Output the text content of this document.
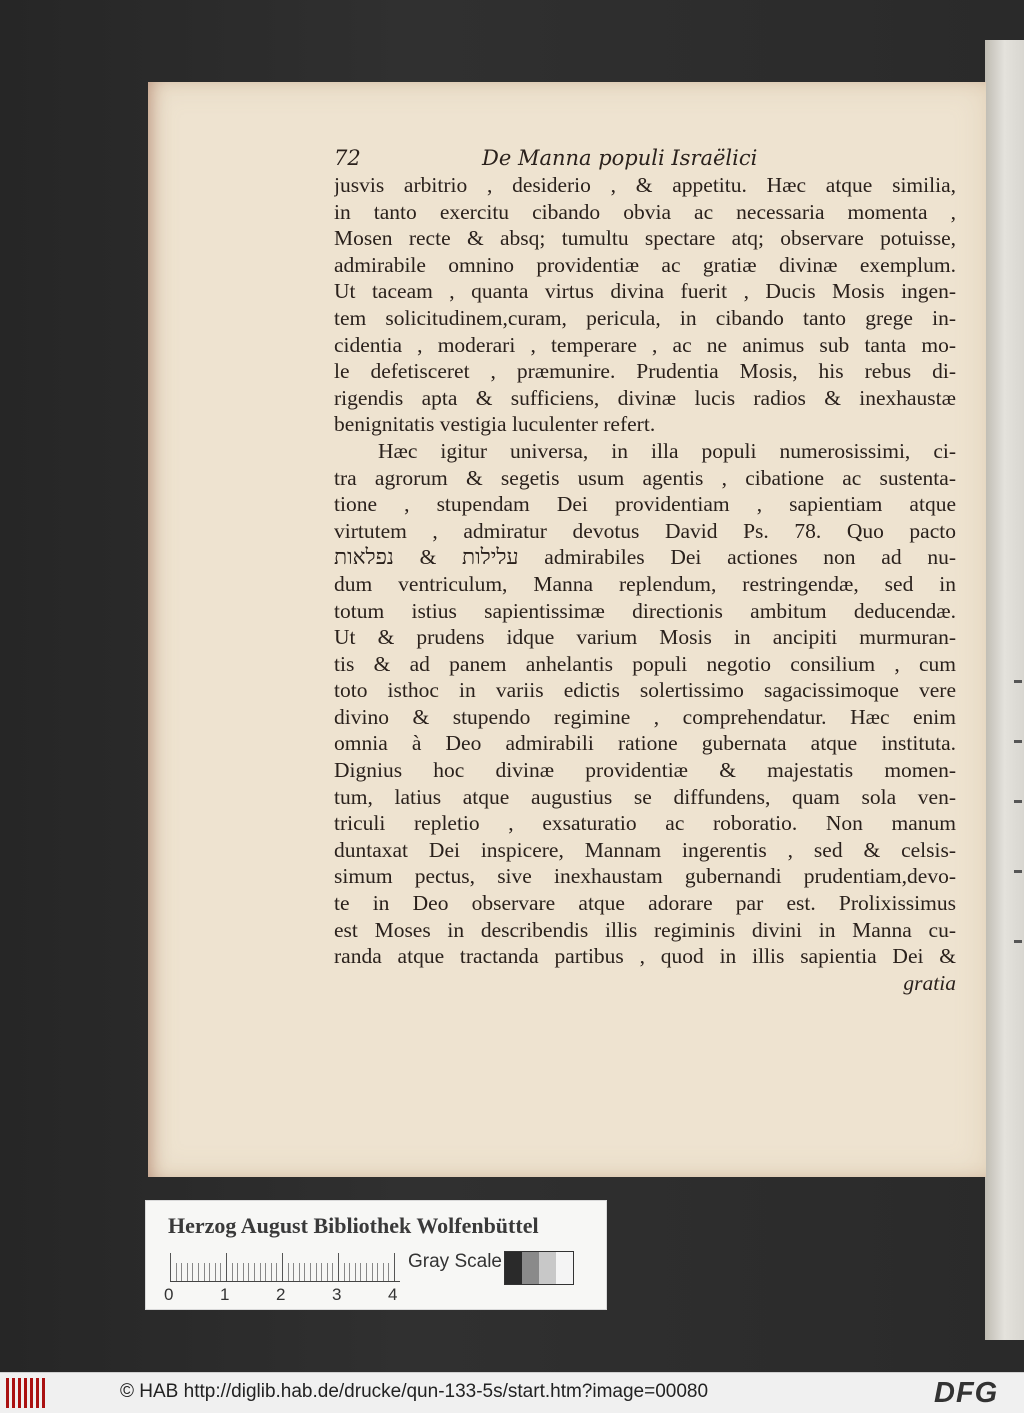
72	De Manna populi Israëlici
jusvis arbitrio , desiderio , & appetitu. Hæc atque similia,
in tanto exercitu cibando obvia ac necessaria momenta ,
Mosen recte & absq; tumultu spectare atq; observare potuisse,
admirabile omnino providentiæ ac gratiæ divinæ exemplum.
Ut taceam , quanta virtus divina fuerit , Ducis Mosis ingen-
tem solicitudinem,curam, pericula, in cibando tanto grege in-
cidentia , moderari , temperare , ac ne animus sub tanta mo-
le defetisceret , præmunire. Prudentia Mosis, his rebus di-
rigendis apta & sufficiens, divinæ lucis radios & inexhaustæ
benignitatis vestigia luculenter refert.
Hæc igitur universa, in illa populi numerosissimi, ci-
tra agrorum & segetis usum agentis , cibatione ac sustenta-
tione , stupendam Dei providentiam , sapientiam atque
virtutem , admiratur devotus David Ps. 78. Quo pacto
עלילות & נפלאות admirabiles Dei actiones non ad nu-
dum ventriculum, Manna replendum, restringendæ, sed in
totum istius sapientissimæ directionis ambitum deducendæ.
Ut & prudens idque varium Mosis in ancipiti murmuran-
tis & ad panem anhelantis populi negotio consilium , cum
toto isthoc in variis edictis solertissimo sagacissimoque vere
divino & stupendo regimine , comprehendatur. Hæc enim
omnia à Deo admirabili ratione gubernata atque instituta.
Dignius hoc divinæ providentiæ & majestatis momen-
tum, latius atque augustius se diffundens, quam sola ven-
triculi repletio , exsaturatio ac roboratio. Non manum
duntaxat Dei inspicere, Mannam ingerentis , sed & celsis-
simum pectus, sive inexhaustam gubernandi prudentiam,devo-
te in Deo observare atque adorare par est. Prolixissimus
est Moses in describendis illis regiminis divini in Manna cu-
randa atque tractanda partibus , quod in illis sapientia Dei &
gratia
Herzog August Bibliothek Wolfenbüttel
0	1	2	3	4
Gray Scale
© HAB http://diglib.hab.de/drucke/qun-133-5s/start.htm?image=00080	DFG
